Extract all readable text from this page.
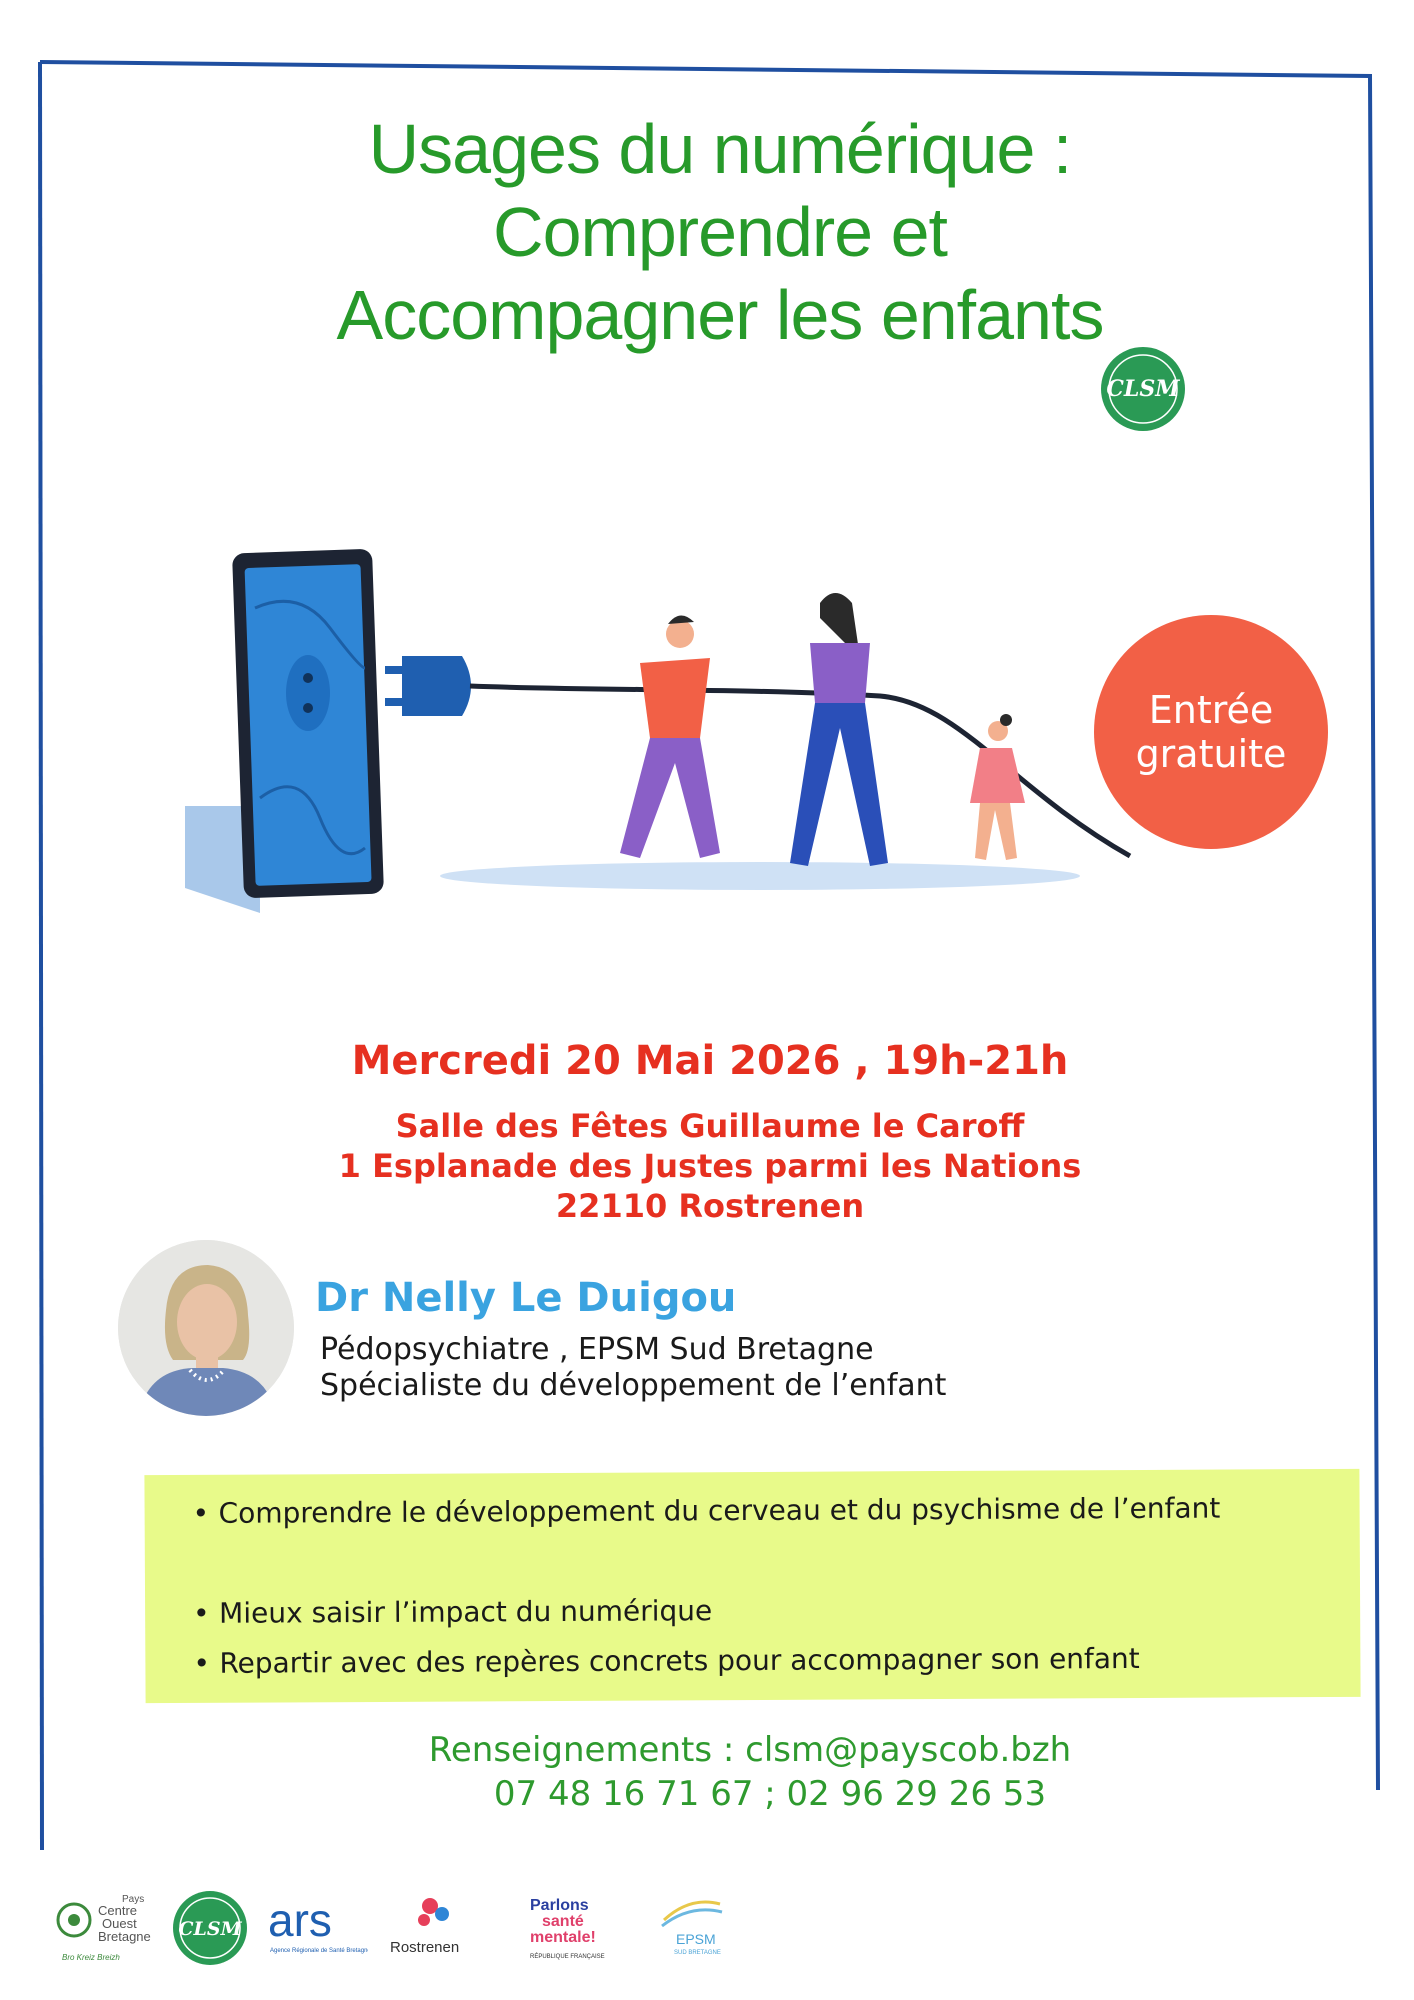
Usages du numérique :
Comprendre et
Accompagner les enfants
CLSM
Entrée
gratuite
Mercredi 20 Mai 2026 , 19h-21h
Salle des Fêtes Guillaume le Caroff
1 Esplanade des Justes parmi les Nations
22110 Rostrenen
Dr Nelly Le Duigou
Pédopsychiatre , EPSM Sud Bretagne
Spécialiste du développement de l’enfant
• Comprendre le développement du cerveau et du psychisme de l’enfant
• Mieux saisir l’impact du numérique
• Repartir avec des repères concrets pour accompagner son enfant
Renseignements : clsm@payscob.bzh
07 48 16 71 67 ; 02 96 29 26 53
Pays
Centre
Ouest
Bretagne
Bro Kreiz Breizh
CLSM ars
Agence Régionale de Santé Bretagne Rostrenen
Parlons
santé
mentale!
RÉPUBLIQUE FRANÇAISE
EPSM
SUD BRETAGNE
